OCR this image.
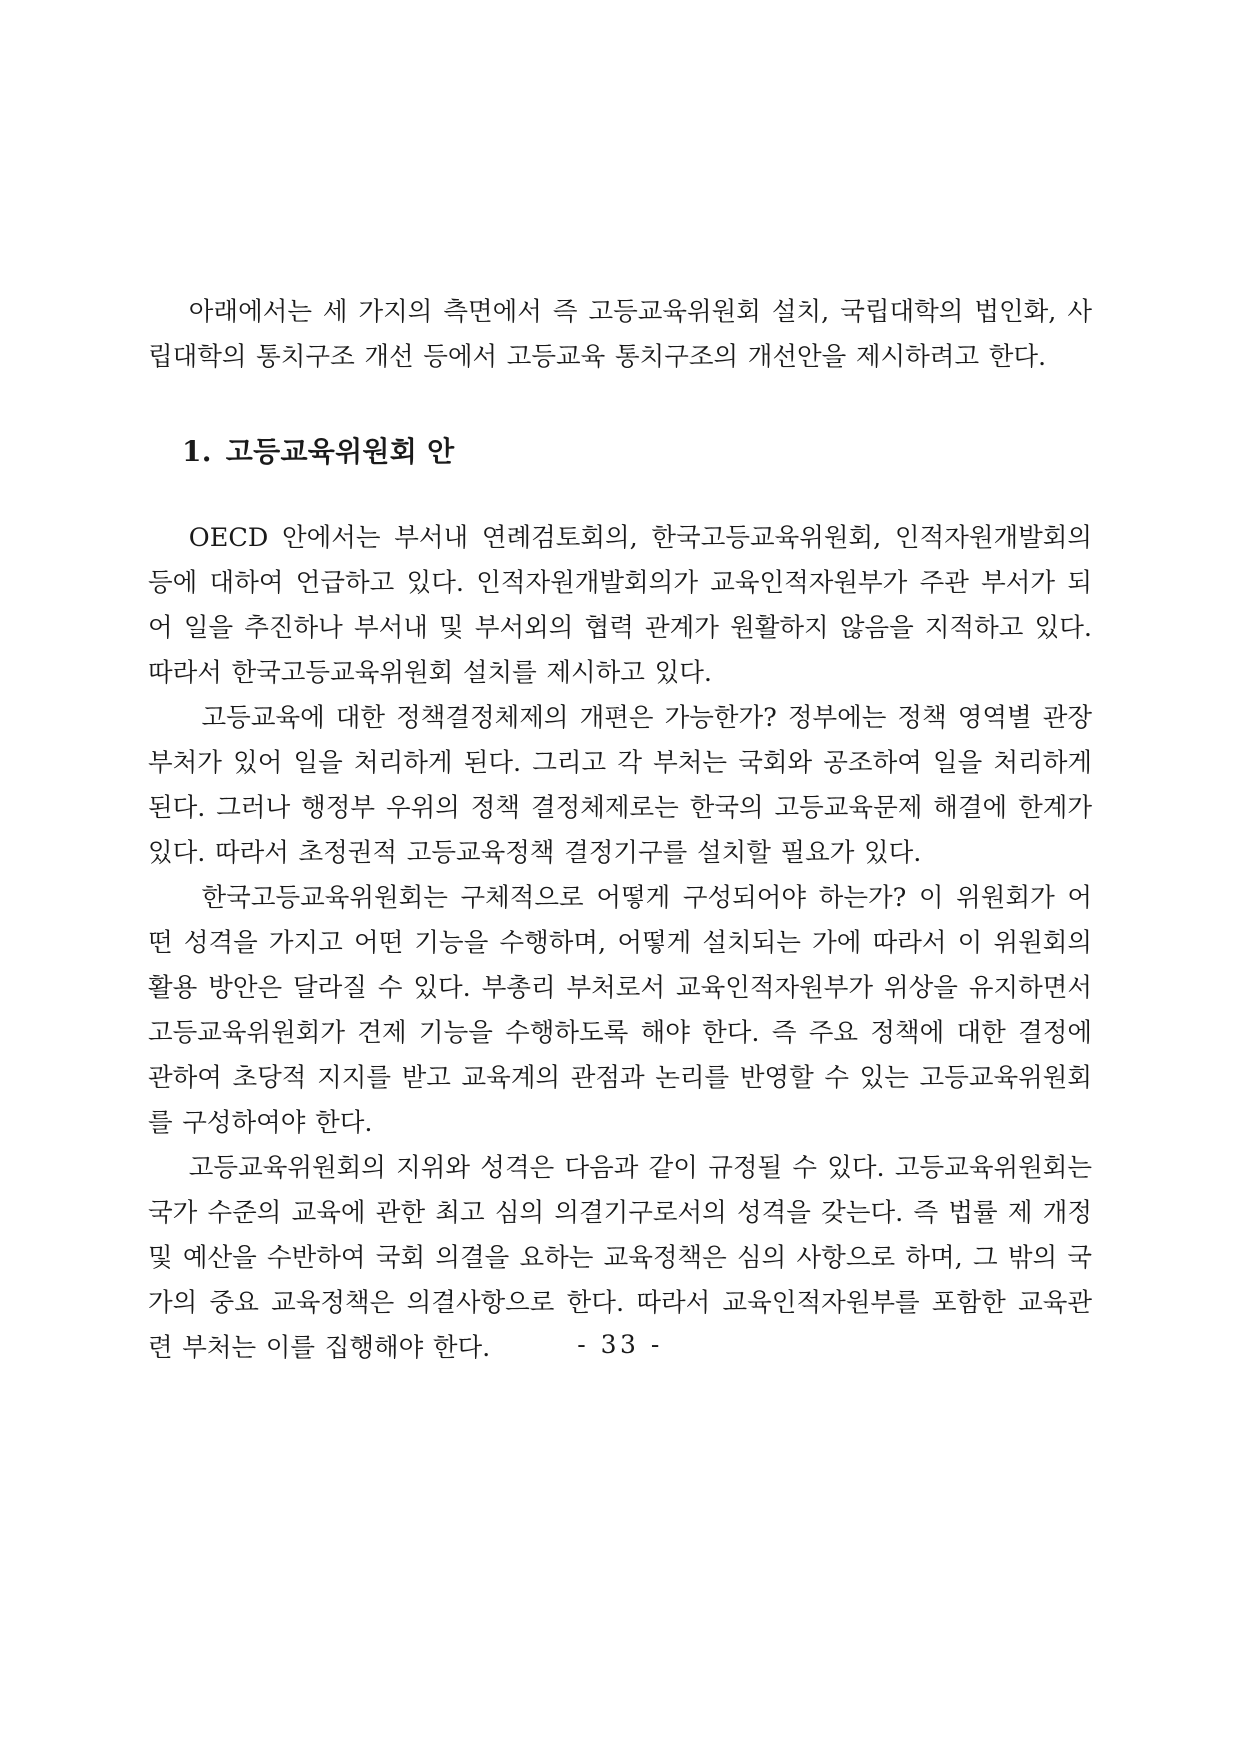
아래에서는 세 가지의 측면에서 즉 고등교육위원회 설치, 국립대학의 법인화, 사립대학의 통치구조 개선 등에서 고등교육 통치구조의 개선안을 제시하려고 한다.

1. 고등교육위원회 안

OECD 안에서는 부서내 연례검토회의, 한국고등교육위원회, 인적자원개발회의 등에 대하여 언급하고 있다. 인적자원개발회의가 교육인적자원부가 주관 부서가 되어 일을 추진하나 부서내 및 부서외의 협력 관계가 원활하지 않음을 지적하고 있다. 따라서 한국고등교육위원회 설치를 제시하고 있다.

고등교육에 대한 정책결정체제의 개편은 가능한가? 정부에는 정책 영역별 관장부처가 있어 일을 처리하게 된다. 그리고 각 부처는 국회와 공조하여 일을 처리하게 된다. 그러나 행정부 우위의 정책 결정체제로는 한국의 고등교육문제 해결에 한계가 있다. 따라서 초정권적 고등교육정책 결정기구를 설치할 필요가 있다.

한국고등교육위원회는 구체적으로 어떻게 구성되어야 하는가? 이 위원회가 어떤 성격을 가지고 어떤 기능을 수행하며, 어떻게 설치되는 가에 따라서 이 위원회의 활용 방안은 달라질 수 있다. 부총리 부처로서 교육인적자원부가 위상을 유지하면서 고등교육위원회가 견제 기능을 수행하도록 해야 한다. 즉 주요 정책에 대한 결정에 관하여 초당적 지지를 받고 교육계의 관점과 논리를 반영할 수 있는 고등교육위원회를 구성하여야 한다.

고등교육위원회의 지위와 성격은 다음과 같이 규정될 수 있다. 고등교육위원회는 국가 수준의 교육에 관한 최고 심의 의결기구로서의 성격을 갖는다. 즉 법률 제 개정 및 예산을 수반하여 국회 의결을 요하는 교육정책은 심의 사항으로 하며, 그 밖의 국가의 중요 교육정책은 의결사항으로 한다. 따라서 교육인적자원부를 포함한 교육관련 부처는 이를 집행해야 한다.	- 33 -
